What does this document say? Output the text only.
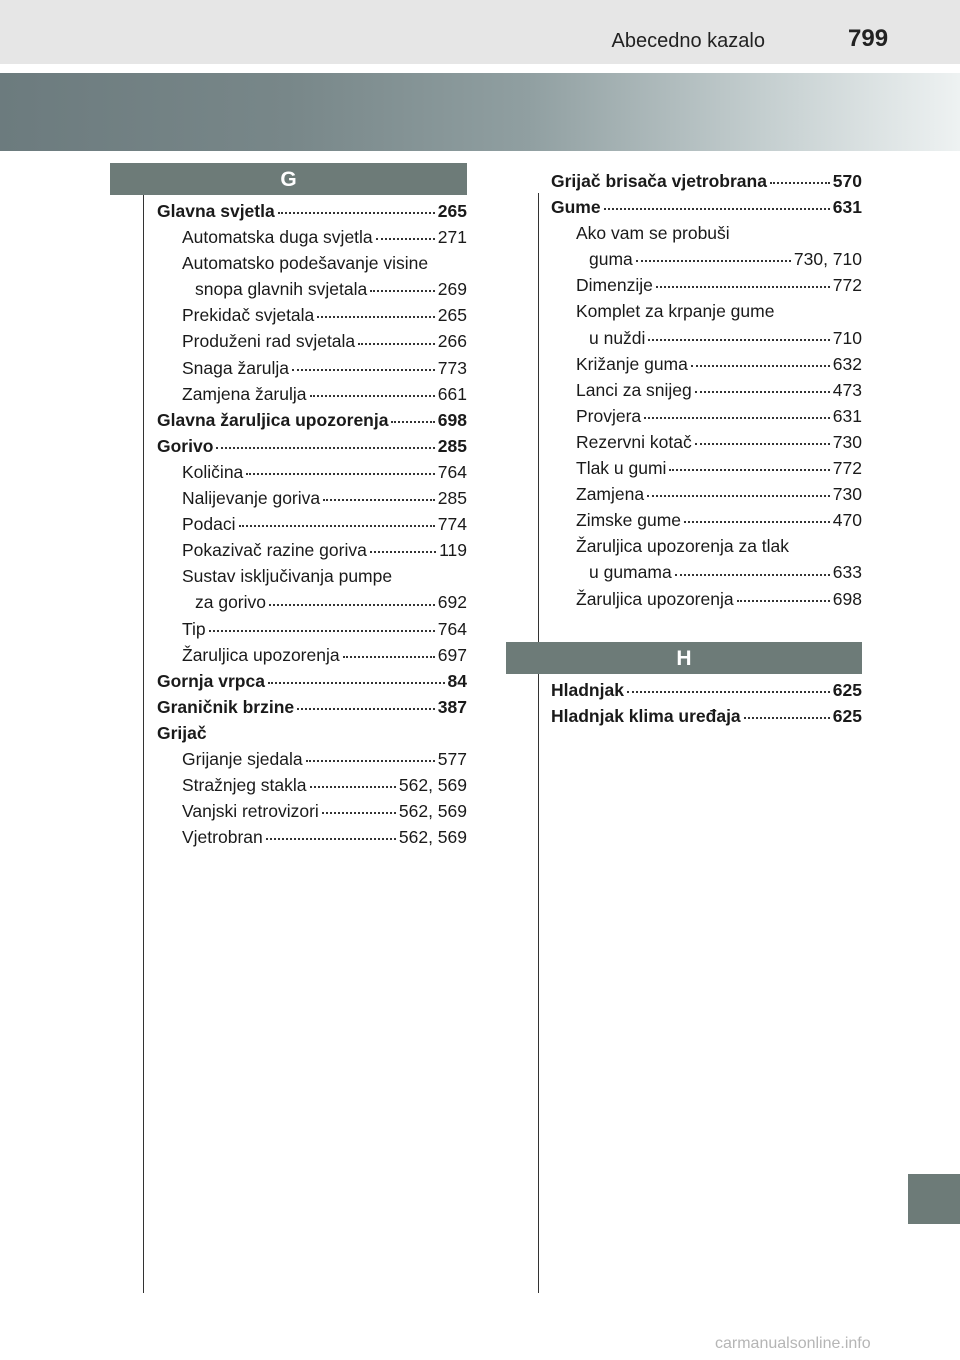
Abecedno kazalo	799
G
Glavna svjetla	265
Automatska duga svjetla	271
Automatsko podešavanje visine
snopa glavnih svjetala	269
Prekidač svjetala	265
Produženi rad svjetala	266
Snaga žarulja	773
Zamjena žarulja	661
Glavna žaruljica upozorenja	698
Gorivo	285
Količina	764
Nalijevanje goriva	285
Podaci	774
Pokazivač razine goriva	119
Sustav isključivanja pumpe
za gorivo	692
Tip	764
Žaruljica upozorenja	697
Gornja vrpca	84
Graničnik brzine	387
Grijač
Grijanje sjedala	577
Stražnjeg stakla	562, 569
Vanjski retrovizori	562, 569
Vjetrobran	562, 569
Grijač brisača vjetrobrana	570
Gume	631
Ako vam se probuši
guma	730, 710
Dimenzije	772
Komplet za krpanje gume
u nuždi	710
Križanje guma	632
Lanci za snijeg	473
Provjera	631
Rezervni kotač	730
Tlak u gumi	772
Zamjena	730
Zimske gume	470
Žaruljica upozorenja za tlak
u gumama	633
Žaruljica upozorenja	698
H
Hladnjak	625
Hladnjak klima uređaja	625
carmanualsonline.info
